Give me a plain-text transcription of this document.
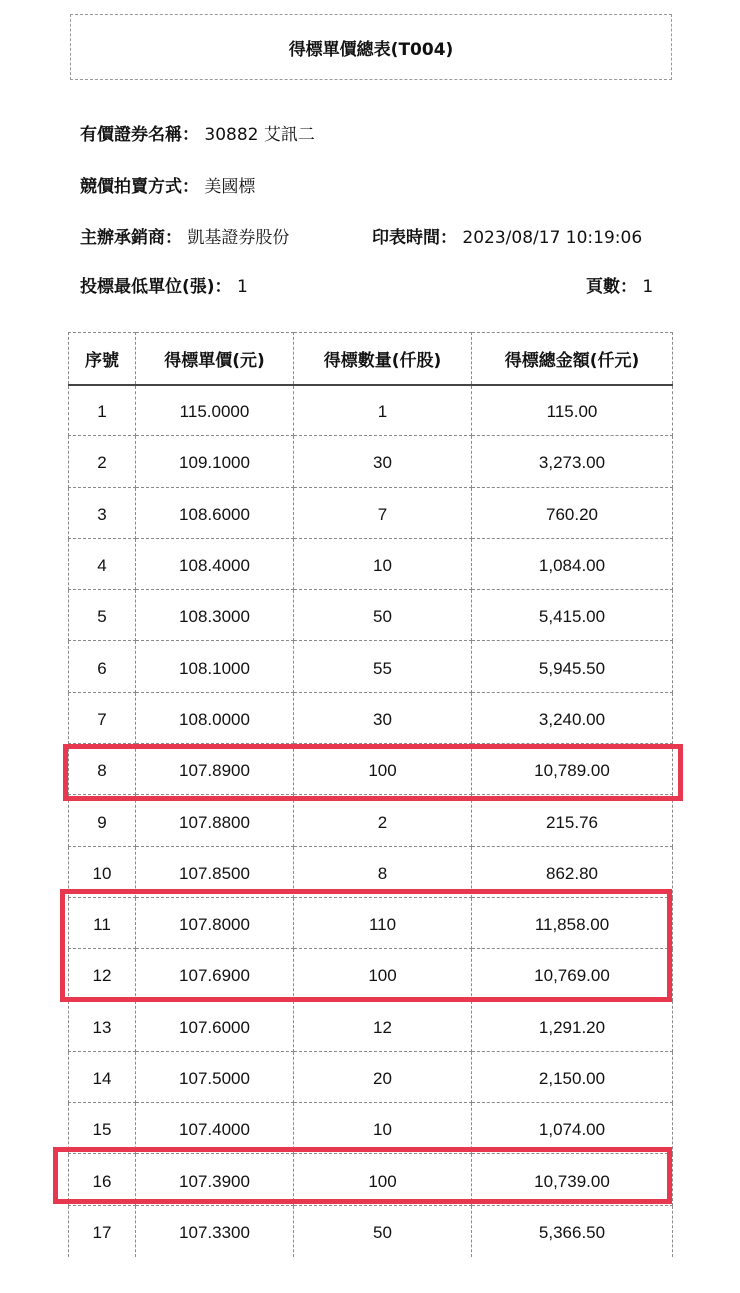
得標單價總表(T004)
有價證券名稱： 30882 艾訊二
競價拍賣方式： 美國標
主辦承銷商： 凱基證券股份	印表時間： 2023/08/17 10:19:06
投標最低單位(張)： 1	頁數： 1
序號	得標單價(元)	得標數量(仟股)	得標總金額(仟元)
1	115.0000	1	115.00
2	109.1000	30	3,273.00
3	108.6000	7	760.20
4	108.4000	10	1,084.00
5	108.3000	50	5,415.00
6	108.1000	55	5,945.50
7	108.0000	30	3,240.00
8	107.8900	100	10,789.00
9	107.8800	2	215.76
10	107.8500	8	862.80
11	107.8000	110	11,858.00
12	107.6900	100	10,769.00
13	107.6000	12	1,291.20
14	107.5000	20	2,150.00
15	107.4000	10	1,074.00
16	107.3900	100	10,739.00
17	107.3300	50	5,366.50
